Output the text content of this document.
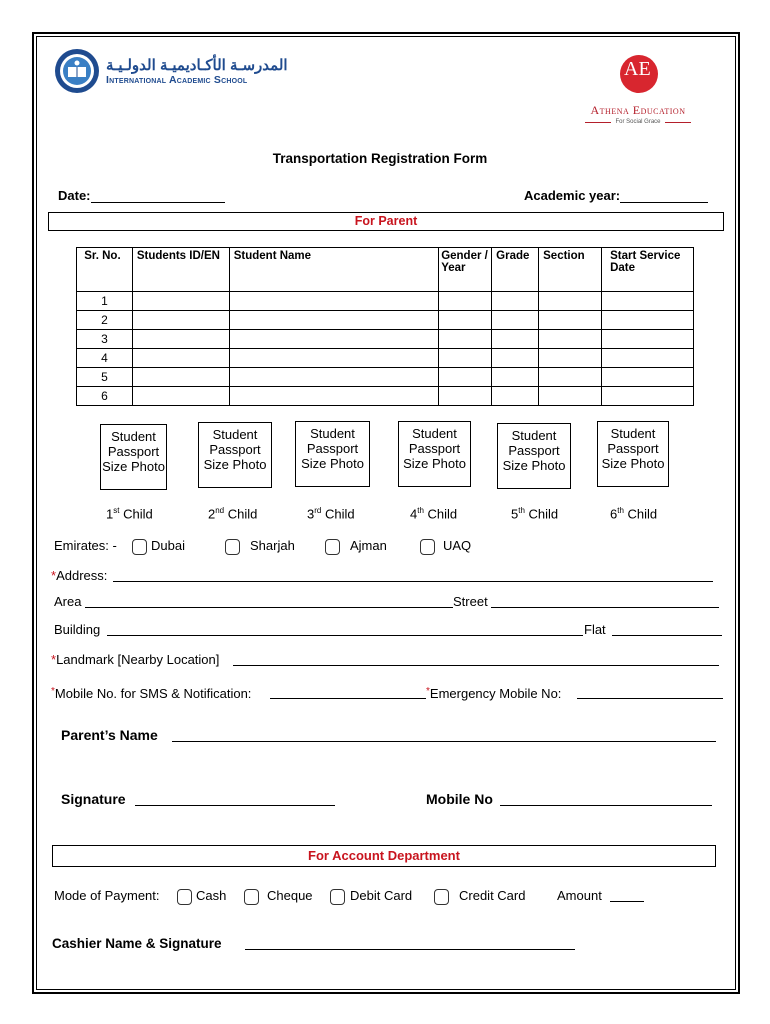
المدرسـة الأكـاديميـة الدولـيـة
International Academic School	AE
Athena Education
For Social Grace
Transportation Registration Form
Date:	Academic year:
For Parent
Sr. No.	Students ID/EN	Student Name	Gender / Year	Grade	Section	Start Service Date
1						
2						
3						
4						
5						
6						
Student Passport Size Photo
Student Passport Size Photo
Student Passport Size Photo
Student Passport Size Photo
Student Passport Size Photo
Student Passport Size Photo
1st Child	2nd Child	3rd Child	4th Child	5th Child	6th Child
Emirates: -	Dubai	Sharjah	Ajman	UAQ
*Address:
Area	Street
Building	Flat
*Landmark [Nearby Location]
*Mobile No. for SMS & Notification:	*Emergency Mobile No:
Parent’s Name
Signature	Mobile No
For Account Department
Mode of Payment:	Cash	Cheque	Debit Card	Credit Card Amount
Cashier Name & Signature
